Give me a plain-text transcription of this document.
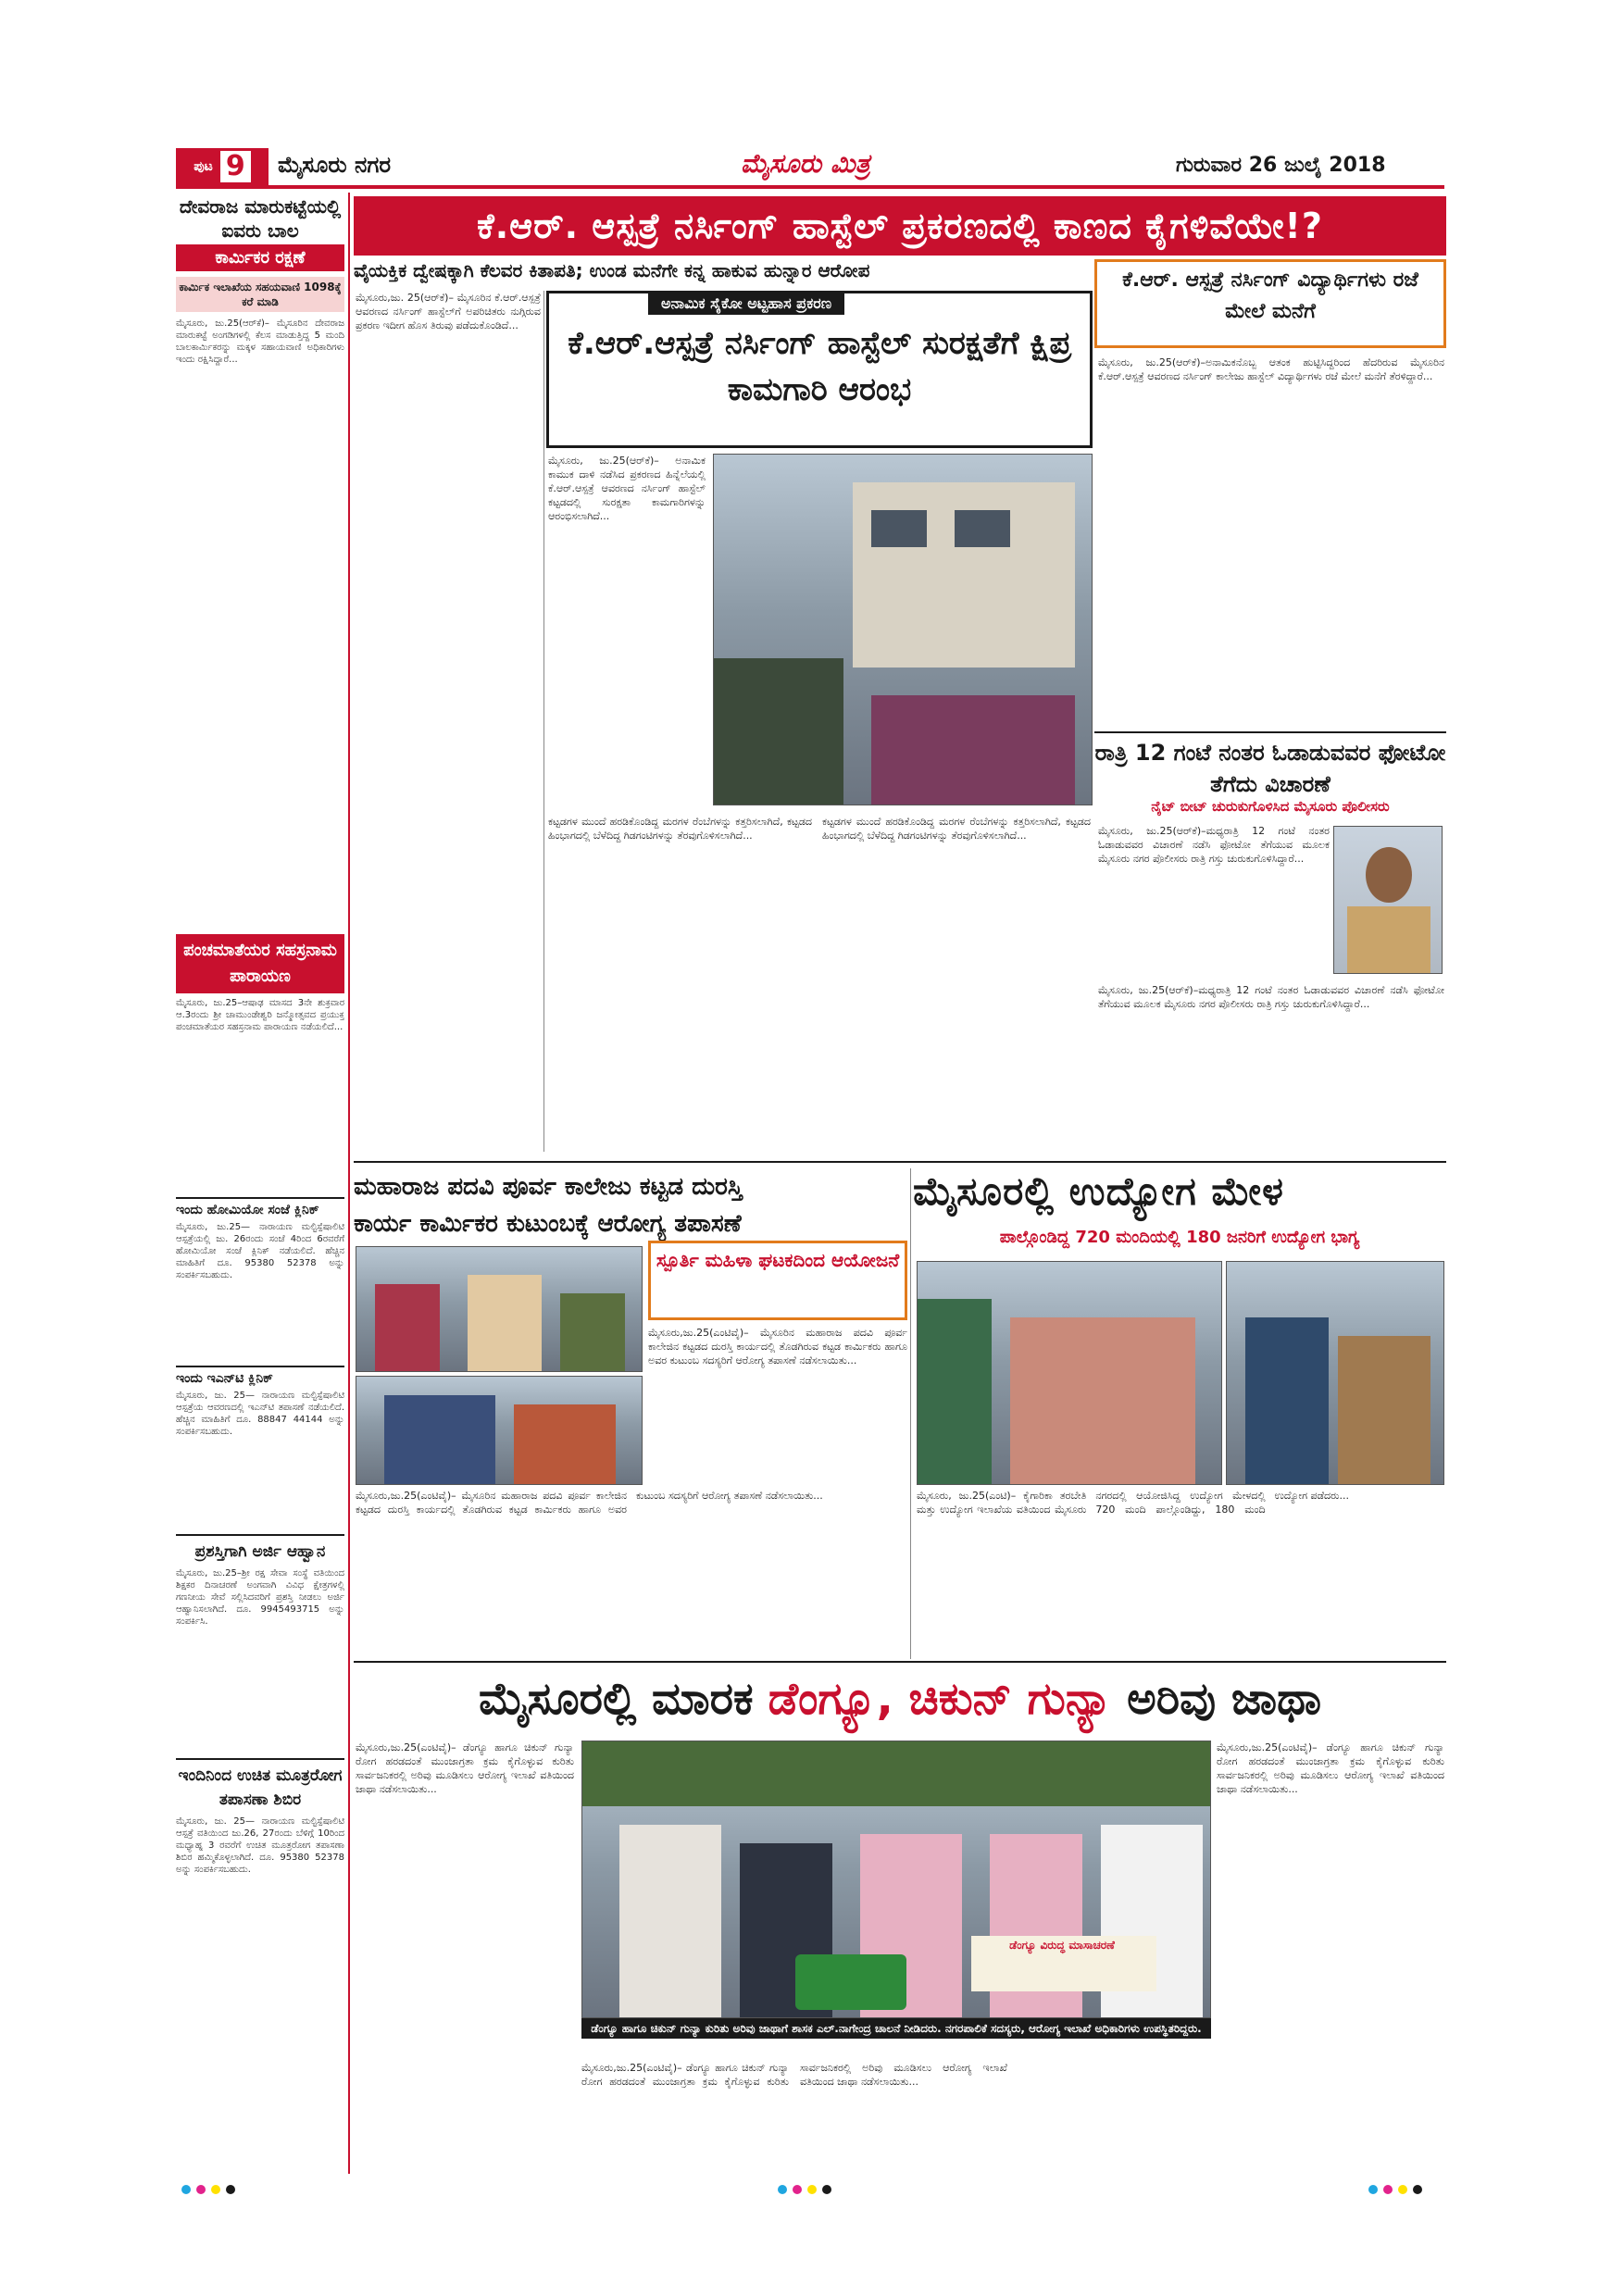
ಪುಟ 9 ಮೈಸೂರು ನಗರ	ಮೈಸೂರು ಮಿತ್ರ	ಗುರುವಾರ 26 ಜುಲೈ 2018
ದೇವರಾಜ ಮಾರುಕಟ್ಟೆಯಲ್ಲಿ ಐವರು ಬಾಲ
ಕಾರ್ಮಿಕರ ರಕ್ಷಣೆ
ಕಾರ್ಮಿಕ ಇಲಾಖೆಯ ಸಹಯವಾಣಿ 1098ಕ್ಕೆ ಕರೆ ಮಾಡಿ
ಮೈಸೂರು, ಜು.25(ಆರ್‌ಕೆ)– ಮೈಸೂರಿನ ದೇವರಾಜ ಮಾರುಕಟ್ಟೆ ಅಂಗಡಿಗಳಲ್ಲಿ ಕೆಲಸ ಮಾಡುತ್ತಿದ್ದ 5 ಮಂದಿ ಬಾಲಕಾರ್ಮಿಕರನ್ನು ಮಕ್ಕಳ ಸಹಾಯವಾಣಿ ಅಧಿಕಾರಿಗಳು ಇಂದು ರಕ್ಷಿಸಿದ್ದಾರೆ...
ಪಂಚಮಾತೆಯರ ಸಹಸ್ರನಾಮ ಪಾರಾಯಣ
ಮೈಸೂರು, ಜು.25–ಆಷಾಢ ಮಾಸದ 3ನೇ ಶುಕ್ರವಾರ ಆ.3ರಂದು ಶ್ರೀ ಚಾಮುಂಡೇಶ್ವರಿ ಜನ್ಮೋತ್ಸವದ ಪ್ರಯುಕ್ತ ಪಂಚಮಾತೆಯರ ಸಹಸ್ರನಾಮ ಪಾರಾಯಣ ನಡೆಯಲಿದೆ...
ಇಂದು ಹೋಮಿಯೋ ಸಂಜೆ ಕ್ಲಿನಿಕ್
ಮೈಸೂರು, ಜು.25— ನಾರಾಯಣ ಮಲ್ಟಿಸ್ಪೆಷಾಲಿಟಿ ಆಸ್ಪತ್ರೆಯಲ್ಲಿ ಜು. 26ರಂದು ಸಂಜೆ 4ರಿಂದ 6ರವರೆಗೆ ಹೋಮಿಯೋ ಸಂಜೆ ಕ್ಲಿನಿಕ್ ನಡೆಯಲಿದೆ. ಹೆಚ್ಚಿನ ಮಾಹಿತಿಗೆ ದೂ. 95380 52378 ಅನ್ನು ಸಂಪರ್ಕಿಸಬಹುದು.
ಇಂದು ಇಎನ್‌ಟಿ ಕ್ಲಿನಿಕ್
ಮೈಸೂರು, ಜು. 25— ನಾರಾಯಣ ಮಲ್ಟಿಸ್ಪೆಷಾಲಿಟಿ ಆಸ್ಪತ್ರೆಯ ಆವರಣದಲ್ಲಿ ಇಎನ್‌ಟಿ ತಪಾಸಣೆ ನಡೆಯಲಿದೆ. ಹೆಚ್ಚಿನ ಮಾಹಿತಿಗೆ ದೂ. 88847 44144 ಅನ್ನು ಸಂಪರ್ಕಿಸಬಹುದು.
ಪ್ರಶಸ್ತಿಗಾಗಿ ಅರ್ಜಿ ಆಹ್ವಾನ
ಮೈಸೂರು, ಜು.25–ಶ್ರೀ ರಕ್ಷ ಸೇವಾ ಸಂಸ್ಥೆ ವತಿಯಿಂದ ಶಿಕ್ಷಕರ ದಿನಾಚರಣೆ ಅಂಗವಾಗಿ ವಿವಿಧ ಕ್ಷೇತ್ರಗಳಲ್ಲಿ ಗಣನೀಯ ಸೇವೆ ಸಲ್ಲಿಸಿದವರಿಗೆ ಪ್ರಶಸ್ತಿ ನೀಡಲು ಅರ್ಜಿ ಆಹ್ವಾನಿಸಲಾಗಿದೆ. ದೂ. 9945493715 ಅನ್ನು ಸಂಪರ್ಕಿಸಿ.
ಇಂದಿನಿಂದ ಉಚಿತ ಮೂತ್ರರೋಗ ತಪಾಸಣಾ ಶಿಬಿರ
ಮೈಸೂರು, ಜು. 25— ನಾರಾಯಣ ಮಲ್ಟಿಸ್ಪೆಷಾಲಿಟಿ ಆಸ್ಪತ್ರೆ ವತಿಯಿಂದ ಜು.26, 27ರಂದು ಬೆಳಿಗ್ಗೆ 10ರಿಂದ ಮಧ್ಯಾಹ್ನ 3 ರವರೆಗೆ ಉಚಿತ ಮೂತ್ರರೋಗ ತಪಾಸಣಾ ಶಿಬಿರ ಹಮ್ಮಿಕೊಳ್ಳಲಾಗಿದೆ. ದೂ. 95380 52378 ಅನ್ನು ಸಂಪರ್ಕಿಸಬಹುದು.
ಕೆ.ಆರ್. ಆಸ್ಪತ್ರೆ ನರ್ಸಿಂಗ್ ಹಾಸ್ಟೆಲ್ ಪ್ರಕರಣದಲ್ಲಿ ಕಾಣದ ಕೈಗಳಿವೆಯೇ!?
ವೈಯಕ್ತಿಕ ದ್ವೇಷಕ್ಕಾಗಿ ಕೆಲವರ ಕಿತಾಪತಿ; ಉಂಡ ಮನೆಗೇ ಕನ್ನ ಹಾಕುವ ಹುನ್ನಾರ ಆರೋಪ
ಮೈಸೂರು,ಜು. 25(ಆರ್‌ಕೆ)– ಮೈಸೂರಿನ ಕೆ.ಆರ್.ಆಸ್ಪತ್ರೆ ಆವರಣದ ನರ್ಸಿಂಗ್ ಹಾಸ್ಟೆಲ್‌ಗೆ ಅಪರಿಚಿತರು ನುಗ್ಗಿರುವ ಪ್ರಕರಣ ಇದೀಗ ಹೊಸ ತಿರುವು ಪಡೆದುಕೊಂಡಿದೆ...
ಅನಾಮಿಕ ಸೈಕೋ ಅಟ್ಟಹಾಸ ಪ್ರಕರಣ
ಕೆ.ಆರ್.ಆಸ್ಪತ್ರೆ ನರ್ಸಿಂಗ್ ಹಾಸ್ಟೆಲ್ ಸುರಕ್ಷತೆಗೆ ಕ್ಷಿಪ್ರ ಕಾಮಗಾರಿ ಆರಂಭ
ಮೈಸೂರು, ಜು.25(ಆರ್‌ಕೆ)– ಅನಾಮಿಕ ಕಾಮುಕ ದಾಳಿ ನಡೆಸಿದ ಪ್ರಕರಣದ ಹಿನ್ನೆಲೆಯಲ್ಲಿ ಕೆ.ಆರ್.ಆಸ್ಪತ್ರೆ ಆವರಣದ ನರ್ಸಿಂಗ್ ಹಾಸ್ಟೆಲ್ ಕಟ್ಟಡದಲ್ಲಿ ಸುರಕ್ಷತಾ ಕಾಮಗಾರಿಗಳನ್ನು ಆರಂಭಿಸಲಾಗಿದೆ...
ಕಟ್ಟಡಗಳ ಮುಂದೆ ಹರಡಿಕೊಂಡಿದ್ದ ಮರಗಳ ರೆಂಬೆಗಳನ್ನು ಕತ್ತರಿಸಲಾಗಿದೆ, ಕಟ್ಟಡದ ಹಿಂಭಾಗದಲ್ಲಿ ಬೆಳೆದಿದ್ದ ಗಿಡಗಂಟಿಗಳನ್ನು ತೆರವುಗೊಳಿಸಲಾಗಿದೆ...
ಕಟ್ಟಡಗಳ ಮುಂದೆ ಹರಡಿಕೊಂಡಿದ್ದ ಮರಗಳ ರೆಂಬೆಗಳನ್ನು ಕತ್ತರಿಸಲಾಗಿದೆ, ಕಟ್ಟಡದ ಹಿಂಭಾಗದಲ್ಲಿ ಬೆಳೆದಿದ್ದ ಗಿಡಗಂಟಿಗಳನ್ನು ತೆರವುಗೊಳಿಸಲಾಗಿದೆ...
ಕೆ.ಆರ್. ಆಸ್ಪತ್ರೆ ನರ್ಸಿಂಗ್ ವಿದ್ಯಾರ್ಥಿಗಳು ರಜೆ ಮೇಲೆ ಮನೆಗೆ
ಮೈಸೂರು, ಜು.25(ಆರ್‌ಕೆ)–ಅನಾಮಿಕನೊಬ್ಬ ಆತಂಕ ಹುಟ್ಟಿಸಿದ್ದರಿಂದ ಹೆದರಿರುವ ಮೈಸೂರಿನ ಕೆ.ಆರ್.ಆಸ್ಪತ್ರೆ ಆವರಣದ ನರ್ಸಿಂಗ್ ಕಾಲೇಜು ಹಾಸ್ಟೆಲ್ ವಿದ್ಯಾರ್ಥಿಗಳು ರಜೆ ಮೇಲೆ ಮನೆಗೆ ತೆರಳಿದ್ದಾರೆ...
ರಾತ್ರಿ 12 ಗಂಟೆ ನಂತರ ಓಡಾಡುವವರ ಫೋಟೋ ತೆಗೆದು ವಿಚಾರಣೆ
ನೈಟ್ ಬೀಟ್ ಚುರುಕುಗೊಳಿಸಿದ ಮೈಸೂರು ಪೊಲೀಸರು
ಮೈಸೂರು, ಜು.25(ಆರ್‌ಕೆ)–ಮಧ್ಯರಾತ್ರಿ 12 ಗಂಟೆ ನಂತರ ಓಡಾಡುವವರ ವಿಚಾರಣೆ ನಡೆಸಿ ಫೋಟೋ ತೆಗೆಯುವ ಮೂಲಕ ಮೈಸೂರು ನಗರ ಪೊಲೀಸರು ರಾತ್ರಿ ಗಸ್ತು ಚುರುಕುಗೊಳಿಸಿದ್ದಾರೆ...
ಮೈಸೂರು, ಜು.25(ಆರ್‌ಕೆ)–ಮಧ್ಯರಾತ್ರಿ 12 ಗಂಟೆ ನಂತರ ಓಡಾಡುವವರ ವಿಚಾರಣೆ ನಡೆಸಿ ಫೋಟೋ ತೆಗೆಯುವ ಮೂಲಕ ಮೈಸೂರು ನಗರ ಪೊಲೀಸರು ರಾತ್ರಿ ಗಸ್ತು ಚುರುಕುಗೊಳಿಸಿದ್ದಾರೆ...
ಮಹಾರಾಜ ಪದವಿ ಪೂರ್ವ ಕಾಲೇಜು ಕಟ್ಟಡ ದುರಸ್ತಿ
ಕಾರ್ಯ ಕಾರ್ಮಿಕರ ಕುಟುಂಬಕ್ಕೆ ಆರೋಗ್ಯ ತಪಾಸಣೆ
ಸ್ಪೂರ್ತಿ ಮಹಿಳಾ ಘಟಕದಿಂದ ಆಯೋಜನೆ
ಮೈಸೂರು,ಜು.25(ಎಂಟಿವೈ)– ಮೈಸೂರಿನ ಮಹಾರಾಜ ಪದವಿ ಪೂರ್ವ ಕಾಲೇಜಿನ ಕಟ್ಟಡದ ದುರಸ್ತಿ ಕಾರ್ಯದಲ್ಲಿ ತೊಡಗಿರುವ ಕಟ್ಟಡ ಕಾರ್ಮಿಕರು ಹಾಗೂ ಅವರ ಕುಟುಂಬ ಸದಸ್ಯರಿಗೆ ಆರೋಗ್ಯ ತಪಾಸಣೆ ನಡೆಸಲಾಯಿತು...
ಮೈಸೂರು,ಜು.25(ಎಂಟಿವೈ)– ಮೈಸೂರಿನ ಮಹಾರಾಜ ಪದವಿ ಪೂರ್ವ ಕಾಲೇಜಿನ ಕಟ್ಟಡದ ದುರಸ್ತಿ ಕಾರ್ಯದಲ್ಲಿ ತೊಡಗಿರುವ ಕಟ್ಟಡ ಕಾರ್ಮಿಕರು ಹಾಗೂ ಅವರ ಕುಟುಂಬ ಸದಸ್ಯರಿಗೆ ಆರೋಗ್ಯ ತಪಾಸಣೆ ನಡೆಸಲಾಯಿತು...
ಮೈಸೂರಲ್ಲಿ ಉದ್ಯೋಗ ಮೇಳ
ಪಾಲ್ಗೊಂಡಿದ್ದ 720 ಮಂದಿಯಲ್ಲಿ 180 ಜನರಿಗೆ ಉದ್ಯೋಗ ಭಾಗ್ಯ
ಮೈಸೂರು, ಜು.25(ಎಂಟಿ)– ಕೈಗಾರಿಕಾ ತರಬೇತಿ ಮತ್ತು ಉದ್ಯೋಗ ಇಲಾಖೆಯ ವತಿಯಿಂದ ಮೈಸೂರು ನಗರದಲ್ಲಿ ಆಯೋಜಿಸಿದ್ದ ಉದ್ಯೋಗ ಮೇಳದಲ್ಲಿ 720 ಮಂದಿ ಪಾಲ್ಗೊಂಡಿದ್ದು, 180 ಮಂದಿ ಉದ್ಯೋಗ ಪಡೆದರು...
ಮೈಸೂರಲ್ಲಿ ಮಾರಕ ಡೆಂಗ್ಯೂ, ಚಿಕುನ್ ಗುನ್ಯಾ ಅರಿವು ಜಾಥಾ
ಮೈಸೂರು,ಜು.25(ಎಂಟಿವೈ)– ಡೆಂಗ್ಯೂ ಹಾಗೂ ಚಿಕುನ್ ಗುನ್ಯಾ ರೋಗ ಹರಡದಂತೆ ಮುಂಜಾಗ್ರತಾ ಕ್ರಮ ಕೈಗೊಳ್ಳುವ ಕುರಿತು ಸಾರ್ವಜನಿಕರಲ್ಲಿ ಅರಿವು ಮೂಡಿಸಲು ಆರೋಗ್ಯ ಇಲಾಖೆ ವತಿಯಿಂದ ಜಾಥಾ ನಡೆಸಲಾಯಿತು...
ಡೆಂಗ್ಯೂ ವಿರುದ್ಧ ಮಾಸಾಚರಣೆ
ಡೆಂಗ್ಯೂ ಹಾಗೂ ಚಿಕುನ್ ಗುನ್ಯಾ ಕುರಿತು ಅರಿವು ಜಾಥಾಗೆ ಶಾಸಕ ಎಲ್.ನಾಗೇಂದ್ರ ಚಾಲನೆ ನೀಡಿದರು. ನಗರಪಾಲಿಕೆ ಸದಸ್ಯರು, ಆರೋಗ್ಯ ಇಲಾಖೆ ಅಧಿಕಾರಿಗಳು ಉಪಸ್ಥಿತರಿದ್ದರು.
ಮೈಸೂರು,ಜು.25(ಎಂಟಿವೈ)– ಡೆಂಗ್ಯೂ ಹಾಗೂ ಚಿಕುನ್ ಗುನ್ಯಾ ರೋಗ ಹರಡದಂತೆ ಮುಂಜಾಗ್ರತಾ ಕ್ರಮ ಕೈಗೊಳ್ಳುವ ಕುರಿತು ಸಾರ್ವಜನಿಕರಲ್ಲಿ ಅರಿವು ಮೂಡಿಸಲು ಆರೋಗ್ಯ ಇಲಾಖೆ ವತಿಯಿಂದ ಜಾಥಾ ನಡೆಸಲಾಯಿತು...
ಮೈಸೂರು,ಜು.25(ಎಂಟಿವೈ)– ಡೆಂಗ್ಯೂ ಹಾಗೂ ಚಿಕುನ್ ಗುನ್ಯಾ ರೋಗ ಹರಡದಂತೆ ಮುಂಜಾಗ್ರತಾ ಕ್ರಮ ಕೈಗೊಳ್ಳುವ ಕುರಿತು ಸಾರ್ವಜನಿಕರಲ್ಲಿ ಅರಿವು ಮೂಡಿಸಲು ಆರೋಗ್ಯ ಇಲಾಖೆ ವತಿಯಿಂದ ಜಾಥಾ ನಡೆಸಲಾಯಿತು...
